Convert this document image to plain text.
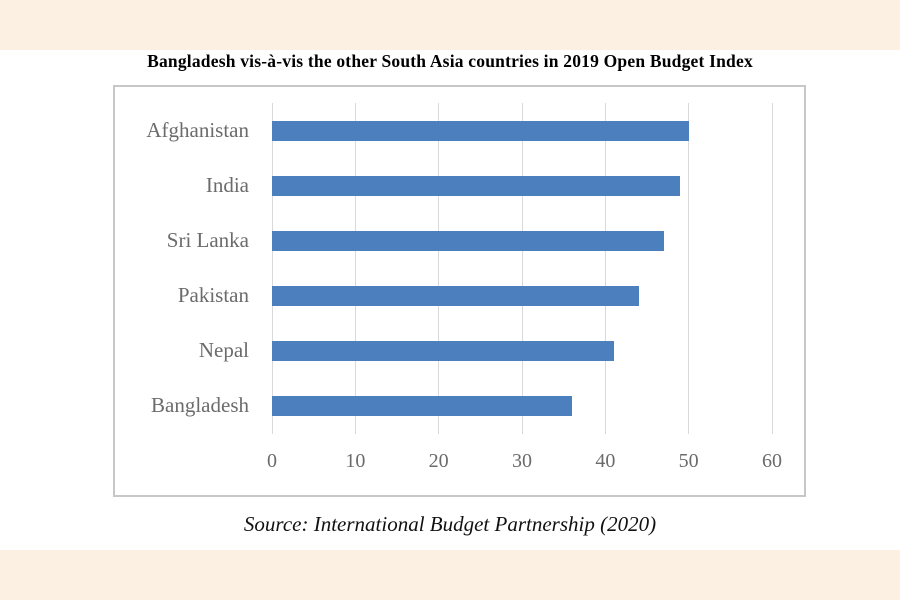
Bangladesh vis-à-vis the other South Asia countries in 2019 Open Budget Index
Afghanistan
India
Sri Lanka
Pakistan
Nepal
Bangladesh
0	10	20	30	40	50	60
Source: International Budget Partnership (2020)
